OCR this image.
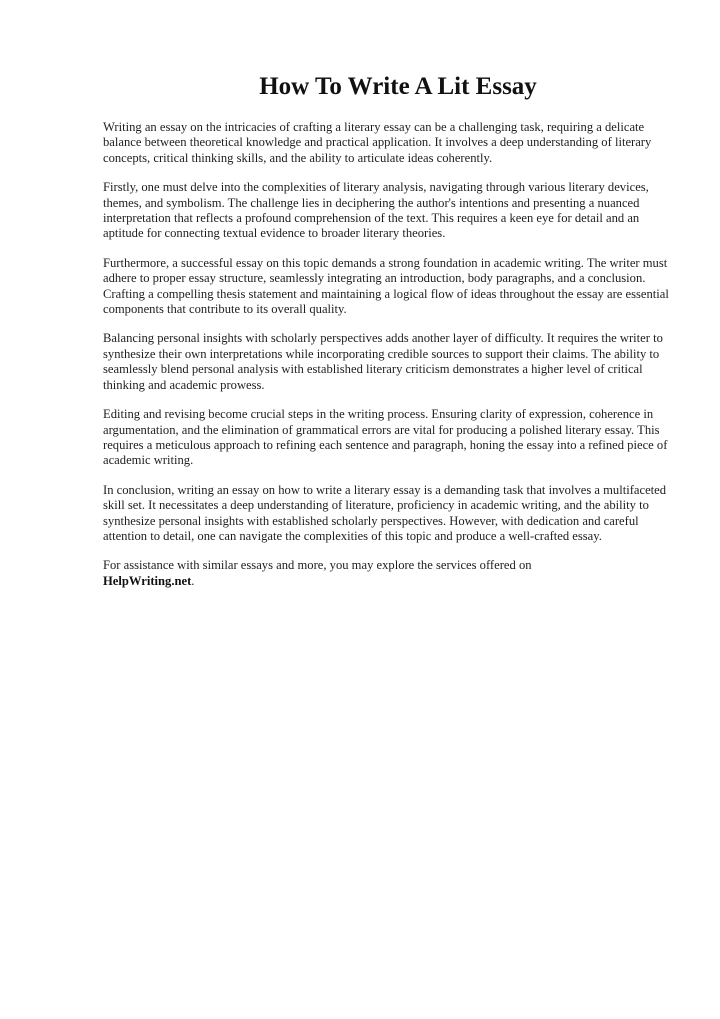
How To Write A Lit Essay

Writing an essay on the intricacies of crafting a literary essay can be a challenging task, requiring a delicate balance between theoretical knowledge and practical application. It involves a deep understanding of literary concepts, critical thinking skills, and the ability to articulate ideas coherently.

Firstly, one must delve into the complexities of literary analysis, navigating through various literary devices, themes, and symbolism. The challenge lies in deciphering the author's intentions and presenting a nuanced interpretation that reflects a profound comprehension of the text. This requires a keen eye for detail and an aptitude for connecting textual evidence to broader literary theories.

Furthermore, a successful essay on this topic demands a strong foundation in academic writing. The writer must adhere to proper essay structure, seamlessly integrating an introduction, body paragraphs, and a conclusion. Crafting a compelling thesis statement and maintaining a logical flow of ideas throughout the essay are essential components that contribute to its overall quality.

Balancing personal insights with scholarly perspectives adds another layer of difficulty. It requires the writer to synthesize their own interpretations while incorporating credible sources to support their claims. The ability to seamlessly blend personal analysis with established literary criticism demonstrates a higher level of critical thinking and academic prowess.

Editing and revising become crucial steps in the writing process. Ensuring clarity of expression, coherence in argumentation, and the elimination of grammatical errors are vital for producing a polished literary essay. This requires a meticulous approach to refining each sentence and paragraph, honing the essay into a refined piece of academic writing.

In conclusion, writing an essay on how to write a literary essay is a demanding task that involves a multifaceted skill set. It necessitates a deep understanding of literature, proficiency in academic writing, and the ability to synthesize personal insights with established scholarly perspectives. However, with dedication and careful attention to detail, one can navigate the complexities of this topic and produce a well-crafted essay.

For assistance with similar essays and more, you may explore the services offered on
HelpWriting.net.
